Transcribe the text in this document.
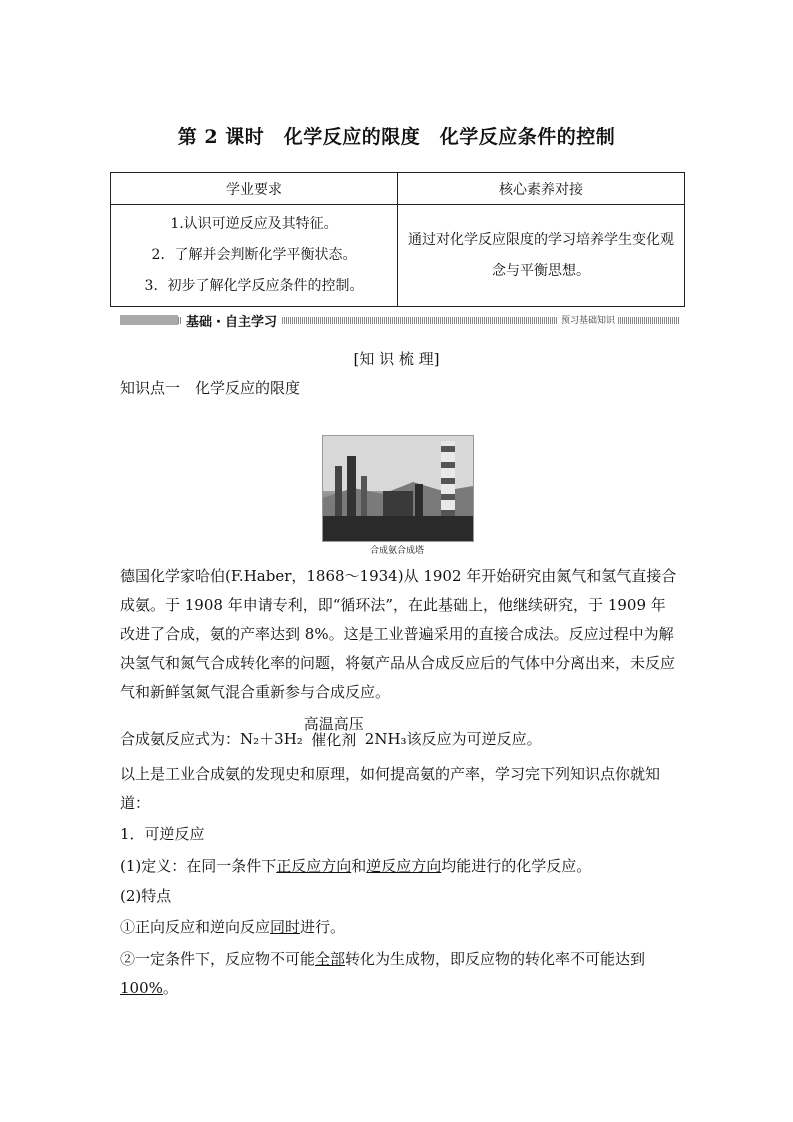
第 2 课时　化学反应的限度　化学反应条件的控制
学业要求	核心素养对接

1.认识可逆反应及其特征。
2．了解并会判断化学平衡状态。
3．初步了解化学反应条件的控制。	通过对化学反应限度的学习培养学生变化观念与平衡思想。
基础・自主学习	预习基础知识
[知 识 梳 理]
知识点一　化学反应的限度
合成氨合成塔
德国化学家哈伯(F.Haber，1868～1934)从 1902 年开始研究由氮气和氢气直接合成氨。于 1908 年申请专利，即“循环法”，在此基础上，他继续研究，于 1909 年改进了合成，氨的产率达到 8%。这是工业普遍采用的直接合成法。反应过程中为解决氢气和氮气合成转化率的问题，将氨产品从合成反应后的气体中分离出来，未反应气和新鲜氢氮气混合重新参与合成反应。
合成氨反应式为：N₂＋3H₂
高温高压
催化剂 2NH₃该反应为可逆反应。
以上是工业合成氨的发现史和原理，如何提高氨的产率，学习完下列知识点你就知道：
1．可逆反应
(1)定义：在同一条件下正反应方向和逆反应方向均能进行的化学反应。
(2)特点
①正向反应和逆向反应同时进行。
②一定条件下，反应物不可能全部转化为生成物，即反应物的转化率不可能达到100%。
